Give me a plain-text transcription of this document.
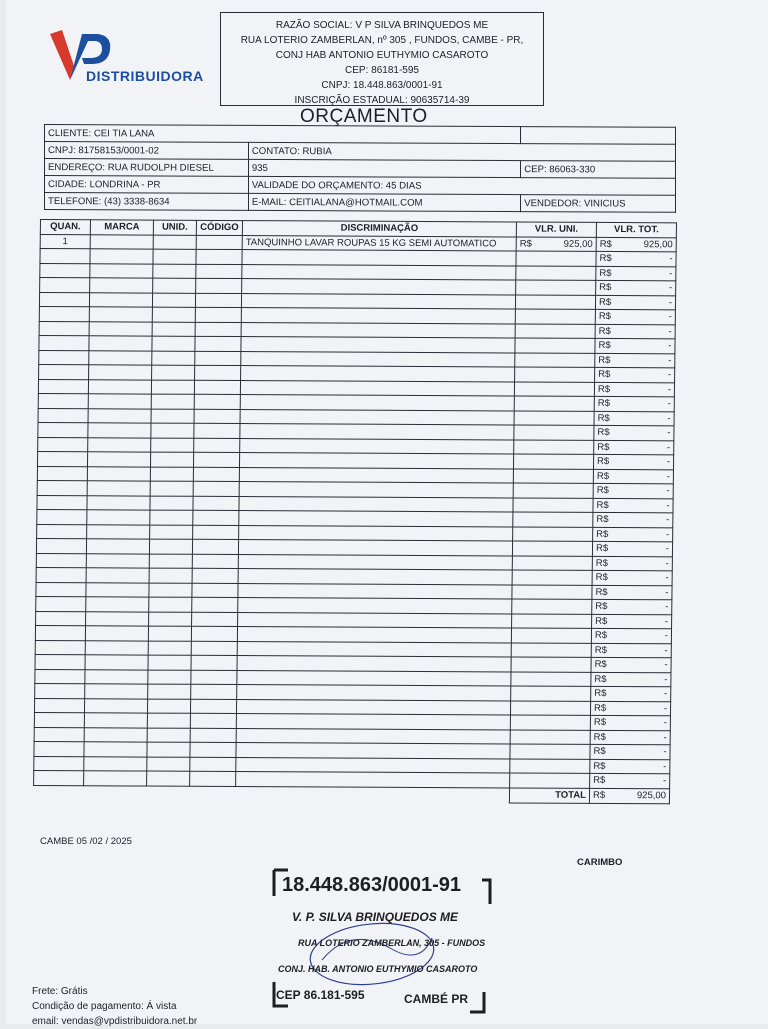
DISTRIBUIDORA
RAZÃO SOCIAL: V P SILVA BRINQUEDOS ME
RUA LOTERIO ZAMBERLAN, nº 305 , FUNDOS, CAMBE - PR,
CONJ HAB ANTONIO EUTHYMIO CASAROTO
CEP: 86181-595
CNPJ: 18.448.863/0001-91
INSCRIÇÃO ESTADUAL: 90635714-39
ORÇAMENTO
CLIENTE: CEI TIA LANA		
CNPJ: 81758153/0001-02	CONTATO: RUBIA	
ENDEREÇO: RUA RUDOLPH DIESEL	935	CEP: 86063-330
CIDADE: LONDRINA - PR	VALIDADE DO ORÇAMENTO: 45 DIAS	
TELEFONE: (43) 3338-8634	E-MAIL: CEITIALANA@HOTMAIL.COM	VENDEDOR: VINICIUS
QUAN.	MARCA	UNID.	CÓDIGO	DISCRIMINAÇÃO	VLR. UNI.	VLR. TOT.
1				TANQUINHO LAVAR ROUPAS 15 KG SEMI AUTOMATICO	R$ 925,00	R$ 925,00

						R$ -

						R$ -

						R$ -

						R$ -

						R$ -

						R$ -

						R$ -

						R$ -

						R$ -

						R$ -

						R$ -

						R$ -

						R$ -

						R$ -

						R$ -

						R$ -

						R$ -

						R$ -

						R$ -

						R$ -

						R$ -

						R$ -

						R$ -

						R$ -

						R$ -

						R$ -

						R$ -

						R$ -

						R$ -

						R$ -

						R$ -

						R$ -

						R$ -

						R$ -

						R$ -

						R$ -

						R$ -

					TOTAL	R$ 925,00
CAMBE 05 /02 / 2025
CARIMBO
18.448.863/0001-91
V. P. SILVA BRINQUEDOS ME
RUA LOTERIO ZAMBERLAN, 305 - FUNDOS
CONJ. HAB. ANTONIO EUTHYMIO CASAROTO
CEP 86.181-595	CAMBÉ PR
Frete: Grátis
Condição de pagamento: Á vista
email: vendas@vpdistribuidora.net.br
